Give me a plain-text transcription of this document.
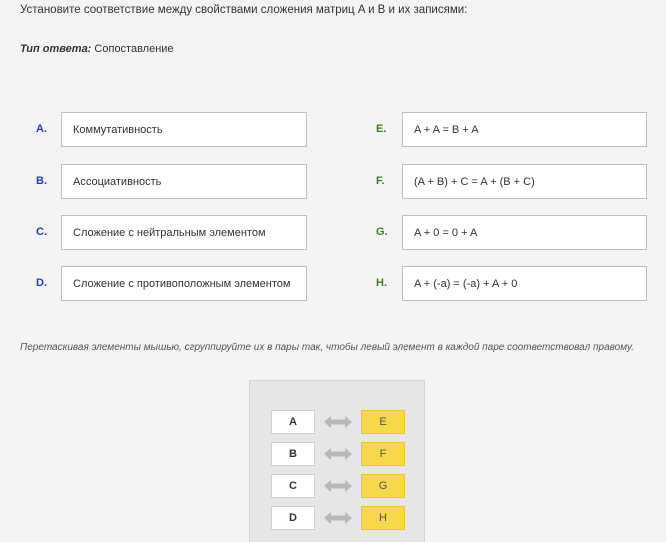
Установите соответствие между свойствами сложения матриц A и B и их записями:
Тип ответа: Сопоставление
A. Коммутативность
B. Ассоциативность
C. Сложение с нейтральным элементом
D. Сложение с противоположным элементом
E.	A + A = B + A
F.	(A + B) + C = A + (B + C)
G. A + 0 = 0 + A
H. A + (-a) = (-a) + A + 0
Перетаскивая элементы мышью, сгруппируйте их в пары так, чтобы левый элемент в каждой паре соответствовал правому.
A	E
B	F
C	G
D	H
